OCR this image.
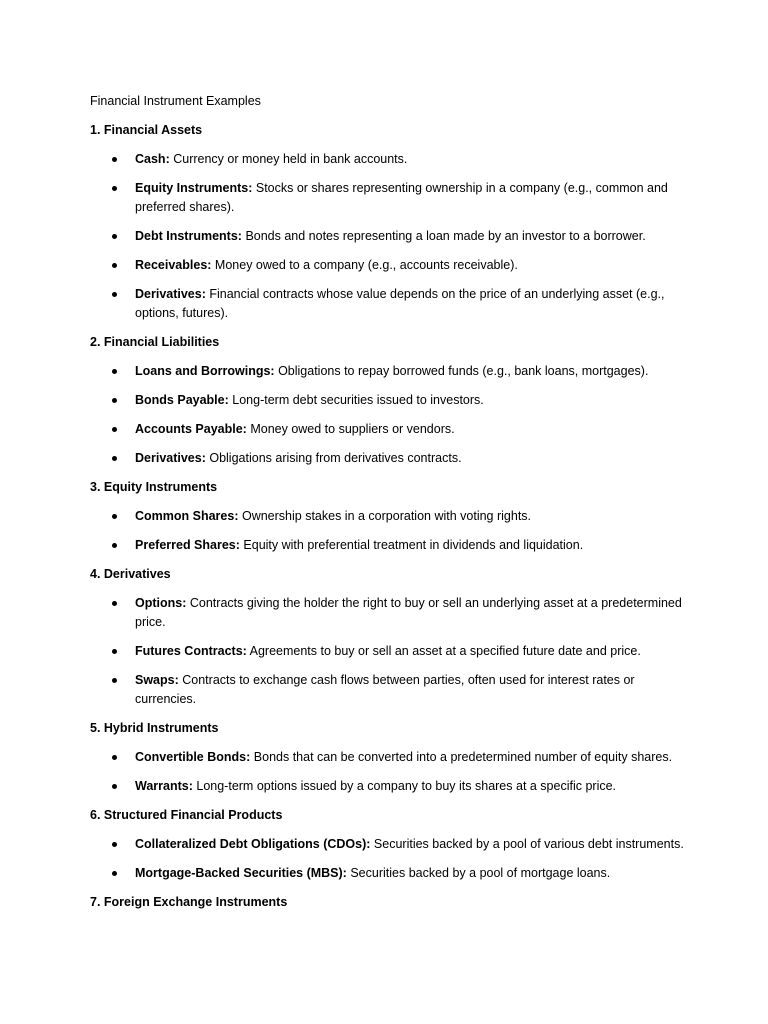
Financial Instrument Examples
1. Financial Assets
Cash: Currency or money held in bank accounts.
Equity Instruments: Stocks or shares representing ownership in a company (e.g., common and preferred shares).
Debt Instruments: Bonds and notes representing a loan made by an investor to a borrower.
Receivables: Money owed to a company (e.g., accounts receivable).
Derivatives: Financial contracts whose value depends on the price of an underlying asset (e.g., options, futures).
2. Financial Liabilities
Loans and Borrowings: Obligations to repay borrowed funds (e.g., bank loans, mortgages).
Bonds Payable: Long-term debt securities issued to investors.
Accounts Payable: Money owed to suppliers or vendors.
Derivatives: Obligations arising from derivatives contracts.
3. Equity Instruments
Common Shares: Ownership stakes in a corporation with voting rights.
Preferred Shares: Equity with preferential treatment in dividends and liquidation.
4. Derivatives
Options: Contracts giving the holder the right to buy or sell an underlying asset at a predetermined price.
Futures Contracts: Agreements to buy or sell an asset at a specified future date and price.
Swaps: Contracts to exchange cash flows between parties, often used for interest rates or currencies.
5. Hybrid Instruments
Convertible Bonds: Bonds that can be converted into a predetermined number of equity shares.
Warrants: Long-term options issued by a company to buy its shares at a specific price.
6. Structured Financial Products
Collateralized Debt Obligations (CDOs): Securities backed by a pool of various debt instruments.
Mortgage-Backed Securities (MBS): Securities backed by a pool of mortgage loans.
7. Foreign Exchange Instruments
